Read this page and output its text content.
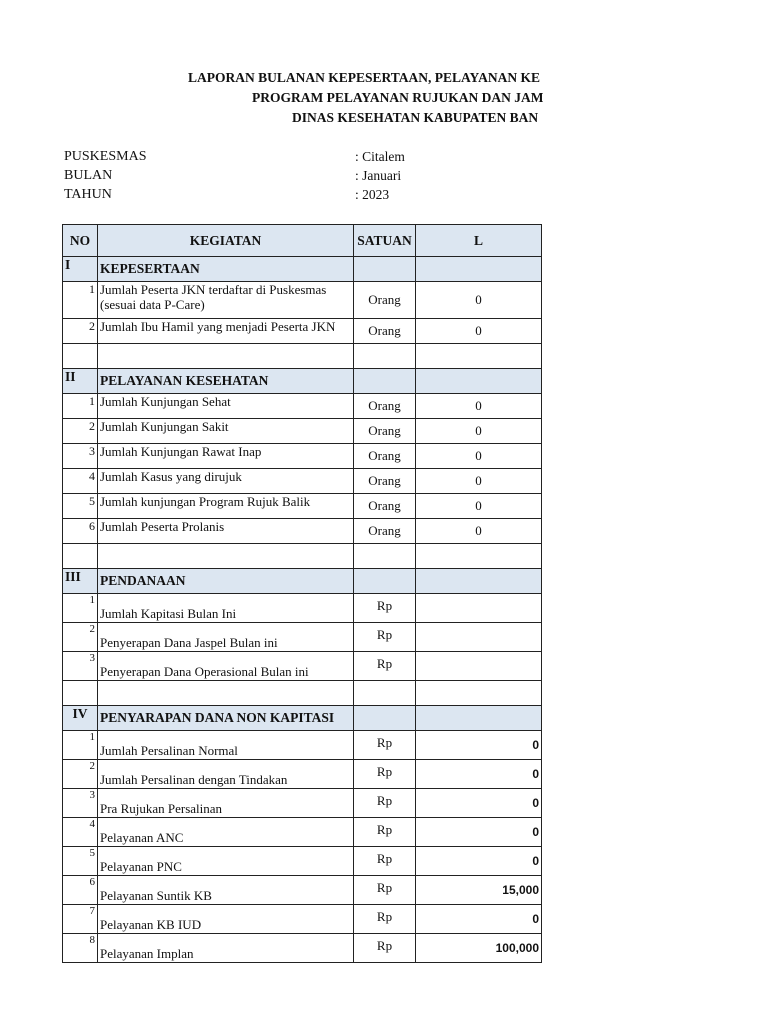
LAPORAN BULANAN KEPESERTAAN, PELAYANAN KE
PROGRAM PELAYANAN RUJUKAN DAN JAM
DINAS KESEHATAN KABUPATEN BAN
PUSKESMAS	: Citalem
BULAN	: Januari
TAHUN	: 2023
NO	KEGIATAN	SATUAN	L
I	KEPESERTAAN		
1	Jumlah Peserta JKN terdaftar di Puskesmas (sesuai data P-Care)	Orang	0
2	Jumlah Ibu Hamil yang menjadi Peserta JKN	Orang	0

II	PELAYANAN KESEHATAN		
1	Jumlah Kunjungan Sehat	Orang	0
2	Jumlah Kunjungan Sakit	Orang	0
3	Jumlah Kunjungan Rawat Inap	Orang	0
4	Jumlah Kasus yang dirujuk	Orang	0
5	Jumlah kunjungan Program Rujuk Balik	Orang	0
6	Jumlah Peserta Prolanis	Orang	0

III	PENDANAAN		
1	Jumlah Kapitasi Bulan Ini	Rp	
2	Penyerapan Dana Jaspel Bulan ini	Rp	
3	Penyerapan Dana Operasional Bulan ini	Rp	

IV	PENYARAPAN DANA NON KAPITASI		
1	Jumlah Persalinan Normal	Rp	0
2	Jumlah Persalinan dengan Tindakan	Rp	0
3	Pra Rujukan Persalinan	Rp	0
4	Pelayanan ANC	Rp	0
5	Pelayanan PNC	Rp	0
6	Pelayanan Suntik KB	Rp	15,000
7	Pelayanan KB IUD	Rp	0
8	Pelayanan Implan	Rp	100,000
